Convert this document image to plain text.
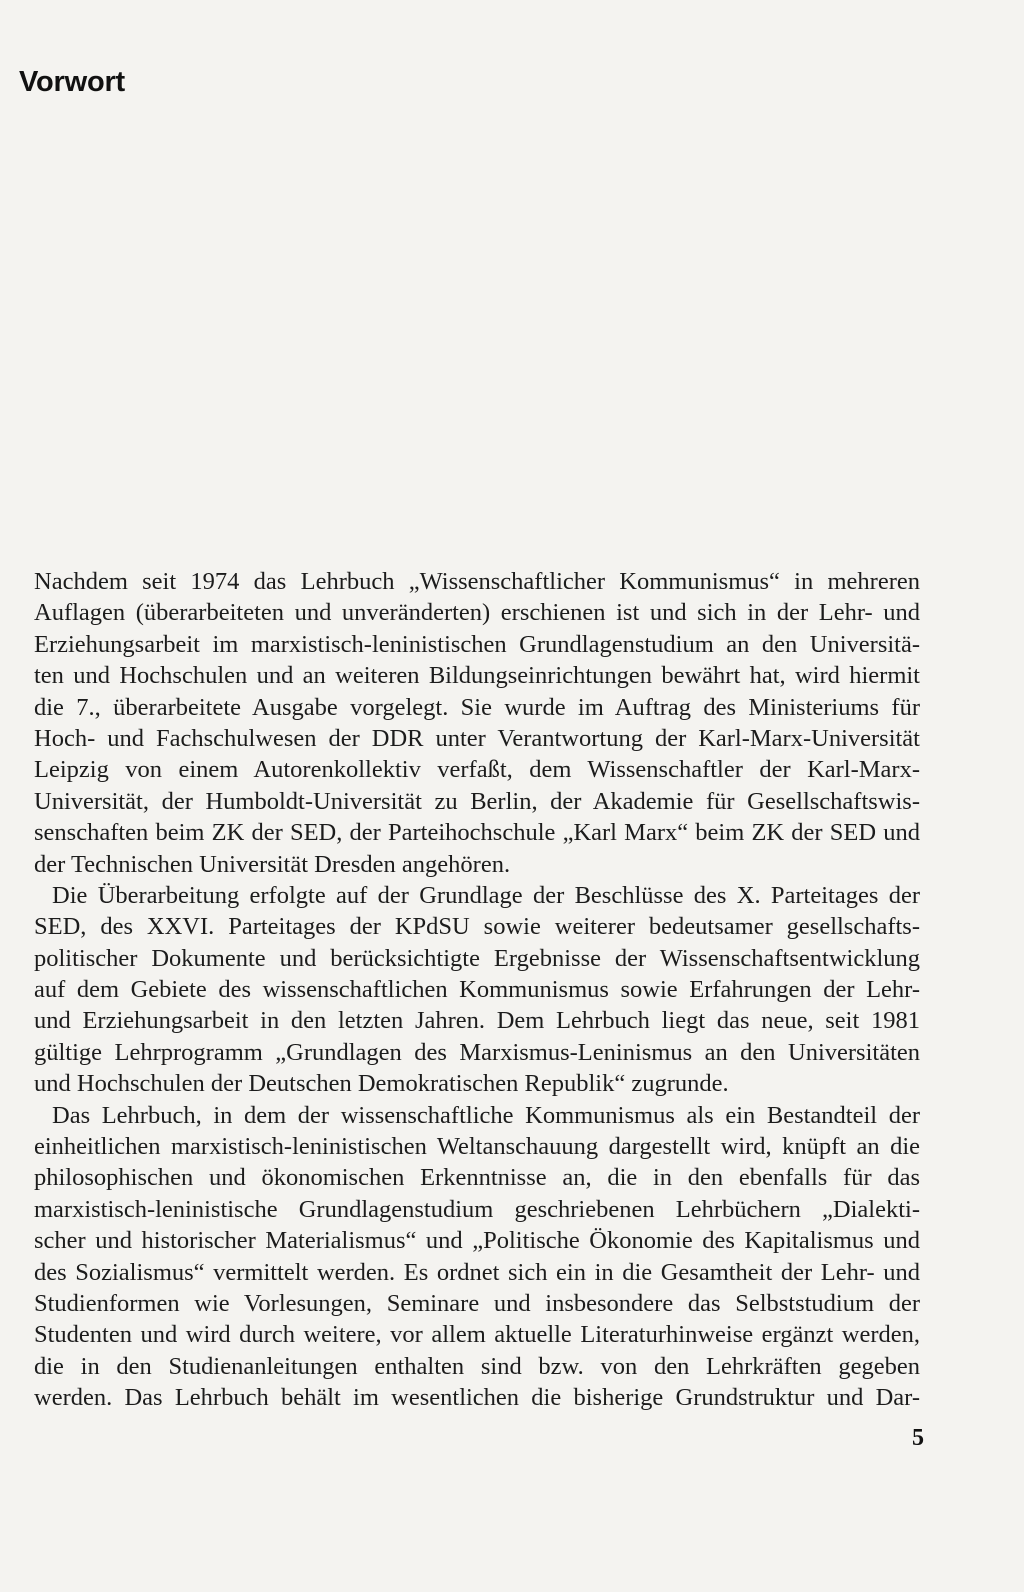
Vorwort
Nachdem seit 1974 das Lehrbuch „Wissenschaftlicher Kommunismus“ in mehreren
Auflagen (überarbeiteten und unveränderten) erschienen ist und sich in der Lehr- und
Erziehungsarbeit im marxistisch-leninistischen Grundlagenstudium an den Universitä-
ten und Hochschulen und an weiteren Bildungseinrichtungen bewährt hat, wird hiermit
die 7., überarbeitete Ausgabe vorgelegt. Sie wurde im Auftrag des Ministeriums für
Hoch- und Fachschulwesen der DDR unter Verantwortung der Karl-Marx-Universität
Leipzig von einem Autorenkollektiv verfaßt, dem Wissenschaftler der Karl-Marx-
Universität, der Humboldt-Universität zu Berlin, der Akademie für Gesellschaftswis-
senschaften beim ZK der SED, der Parteihochschule „Karl Marx“ beim ZK der SED und
der Technischen Universität Dresden angehören.
Die Überarbeitung erfolgte auf der Grundlage der Beschlüsse des X. Parteitages der
SED, des XXVI. Parteitages der KPdSU sowie weiterer bedeutsamer gesellschafts-
politischer Dokumente und berücksichtigte Ergebnisse der Wissenschaftsentwicklung
auf dem Gebiete des wissenschaftlichen Kommunismus sowie Erfahrungen der Lehr-
und Erziehungsarbeit in den letzten Jahren. Dem Lehrbuch liegt das neue, seit 1981
gültige Lehrprogramm „Grundlagen des Marxismus-Leninismus an den Universitäten
und Hochschulen der Deutschen Demokratischen Republik“ zugrunde.
Das Lehrbuch, in dem der wissenschaftliche Kommunismus als ein Bestandteil der
einheitlichen marxistisch-leninistischen Weltanschauung dargestellt wird, knüpft an die
philosophischen und ökonomischen Erkenntnisse an, die in den ebenfalls für das
marxistisch-leninistische Grundlagenstudium geschriebenen Lehrbüchern „Dialekti-
scher und historischer Materialismus“ und „Politische Ökonomie des Kapitalismus und
des Sozialismus“ vermittelt werden. Es ordnet sich ein in die Gesamtheit der Lehr- und
Studienformen wie Vorlesungen, Seminare und insbesondere das Selbststudium der
Studenten und wird durch weitere, vor allem aktuelle Literaturhinweise ergänzt werden,
die in den Studienanleitungen enthalten sind bzw. von den Lehrkräften gegeben
werden. Das Lehrbuch behält im wesentlichen die bisherige Grundstruktur und Dar-
5
